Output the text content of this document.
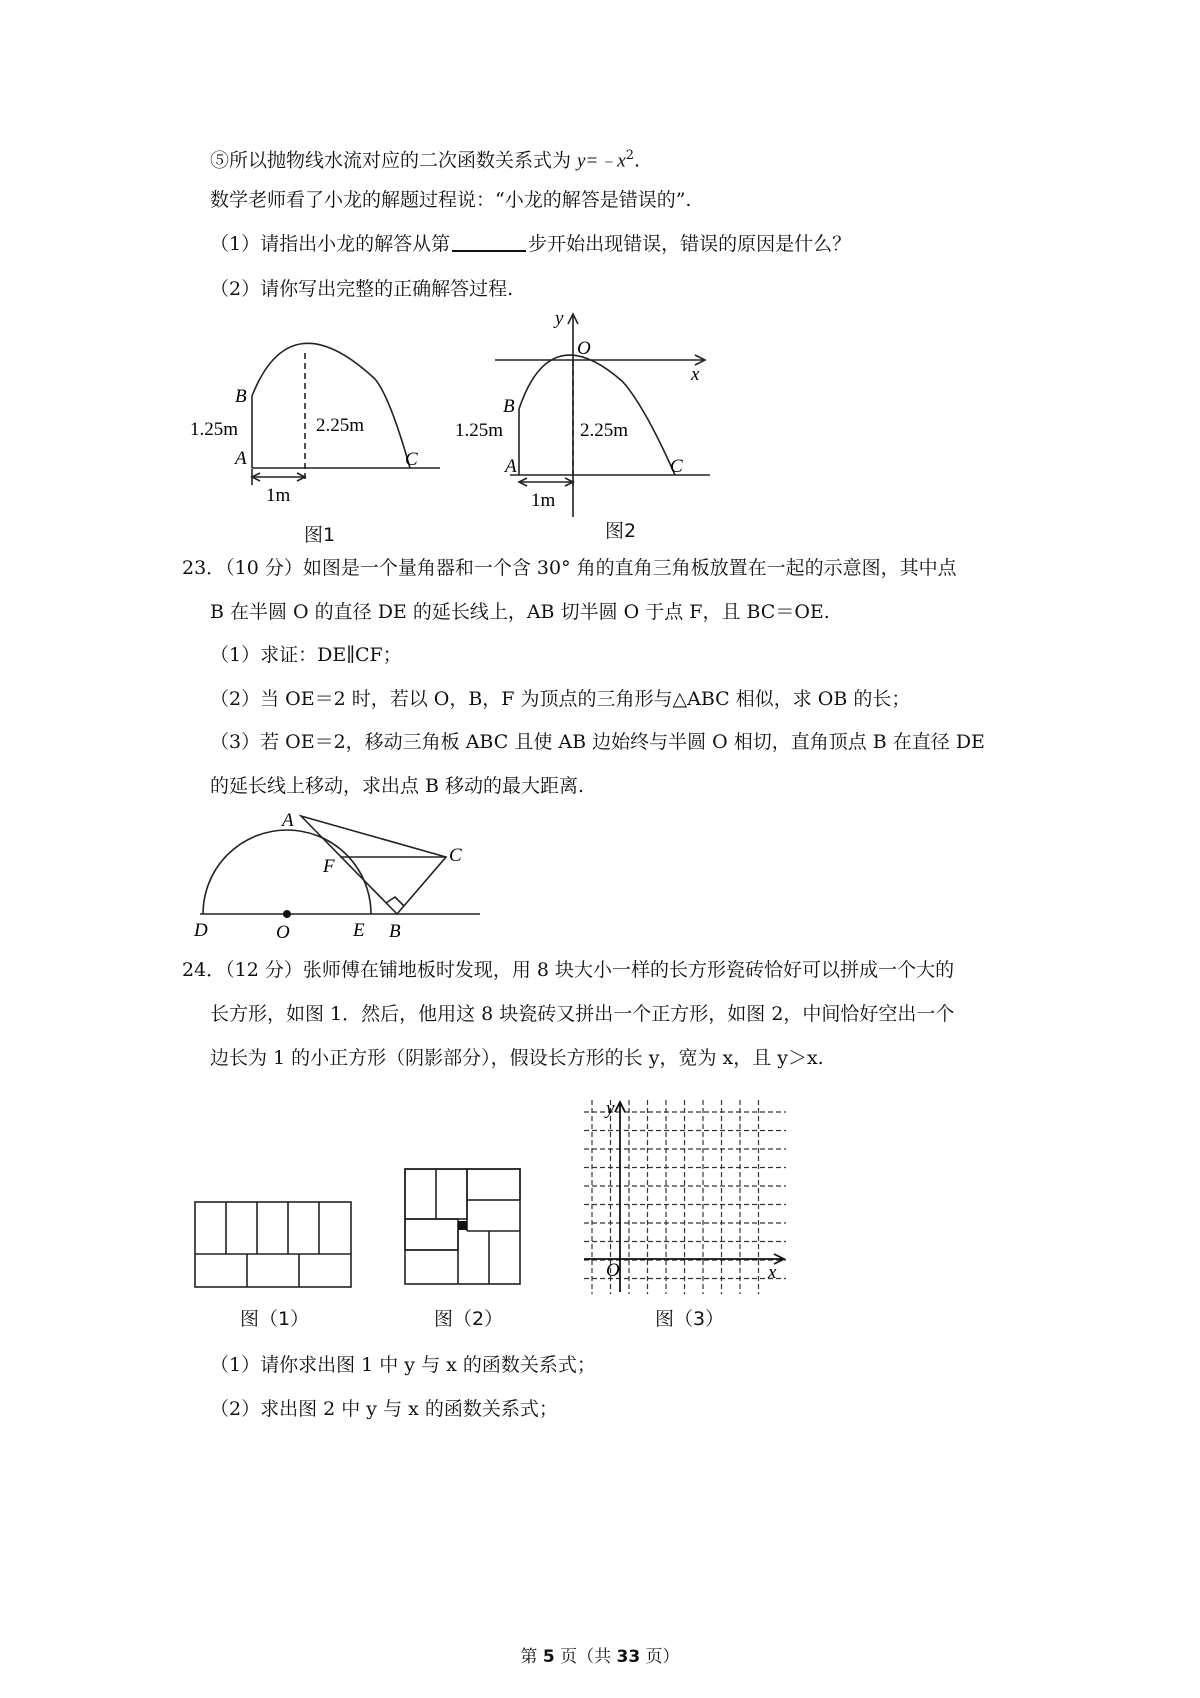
⑤所以抛物线水流对应的二次函数关系式为 $y=﹣x^2$.
数学老师看了小龙的解题过程说：“小龙的解答是错误的”.
（1）请指出小龙的解答从第	步开始出现错误，错误的原因是什么？
（2）请你写出完整的正确解答过程.
B
A	C
1.25m	2.25m
1m
图1
y
O
x
B
A	C
1.25m	2.25m
1m
图2
23．（10 分）如图是一个量角器和一个含 30° 角的直角三角板放置在一起的示意图，其中点
B 在半圆 O 的直径 DE 的延长线上，AB 切半圆 O 于点 F，且 BC＝OE.
（1）求证：DE∥CF；
（2）当 OE＝2 时，若以 O，B，F 为顶点的三角形与△ABC 相似，求 OB 的长；
（3）若 OE＝2，移动三角板 ABC 且使 AB 边始终与半圆 O 相切，直角顶点 B 在直径 DE
的延长线上移动，求出点 B 移动的最大距离.
A
C
F
D	O	E B
24．（12 分）张师傅在铺地板时发现，用 8 块大小一样的长方形瓷砖恰好可以拼成一个大的
长方形，如图 1．然后，他用这 8 块瓷砖又拼出一个正方形，如图 2，中间恰好空出一个
边长为 1 的小正方形（阴影部分），假设长方形的长 y，宽为 x，且 y＞x.
图（1）	图（2）
y
O	x
图（3）
（1）请你求出图 1 中 y 与 x 的函数关系式；
（2）求出图 2 中 y 与 x 的函数关系式；
第 5 页（共 33 页）
